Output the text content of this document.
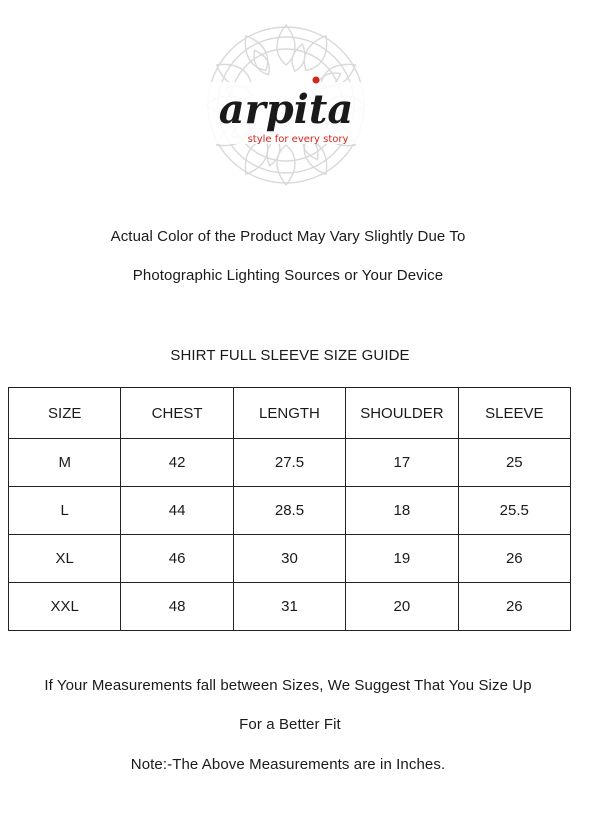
arpita
style for every story
Actual Color of the Product May Vary Slightly Due To
Photographic Lighting Sources or Your Device
SHIRT FULL SLEEVE SIZE GUIDE
SIZE	CHEST	LENGTH	SHOULDER	SLEEVE
M	42	27.5	17	25
L	44	28.5	18	25.5
XL	46	30	19	26
XXL	48	31	20	26
If Your Measurements fall between Sizes, We Suggest That You Size Up
For a Better Fit
Note:-The Above Measurements are in Inches.
